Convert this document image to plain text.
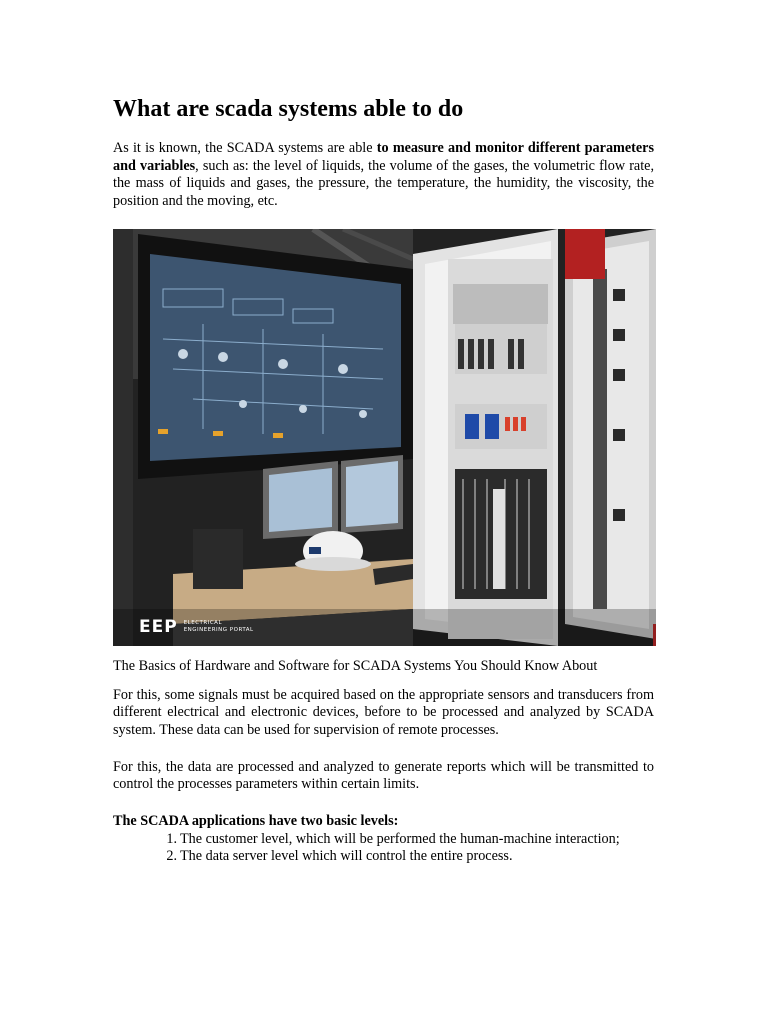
What are scada systems able to do

As it is known, the SCADA systems are able to measure and monitor different parameters and variables, such as: the level of liquids, the volume of the gases, the volumetric flow rate, the mass of liquids and gases, the pressure, the temperature, the humidity, the viscosity, the position and the moving, etc.

EEP ELECTRICAL
ENGINEERING PORTAL

The Basics of Hardware and Software for SCADA Systems You Should Know About

For this, some signals must be acquired based on the appropriate sensors and transducers from different electrical and electronic devices, before to be processed and analyzed by SCADA system. These data can be used for supervision of remote processes.

For this, the data are processed and analyzed to generate reports which will be transmitted to control the processes parameters within certain limits.

The SCADA applications have two basic levels:

1. The customer level, which will be performed the human-machine interaction;
2. The data server level which will control the entire process.
